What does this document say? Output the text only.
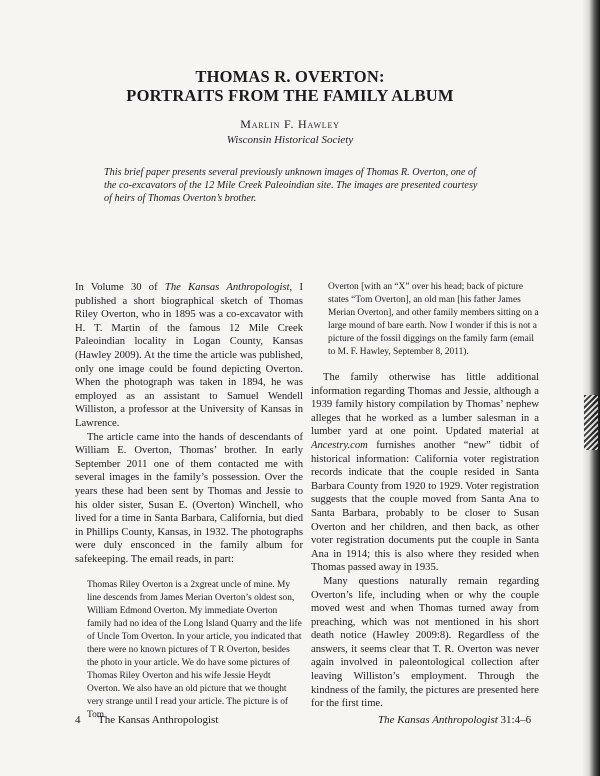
THOMAS R. OVERTON:
PORTRAITS FROM THE FAMILY ALBUM
Marlin F. Hawley
Wisconsin Historical Society
This brief paper presents several previously unknown images of Thomas R. Overton, one of the co-excavators of the 12 Mile Creek Paleoindian site. The images are presented courtesy of heirs of Thomas Overton’s brother.

In Volume 30 of The Kansas Anthropologist, I published a short biographical sketch of Thomas Riley Overton, who in 1895 was a co-excavator with H. T. Martin of the famous 12 Mile Creek Paleoindian locality in Logan County, Kansas (Hawley 2009). At the time the article was published, only one image could be found depicting Overton. When the photograph was taken in 1894, he was employed as an assistant to Samuel Wendell Williston, a professor at the University of Kansas in Lawrence.

The article came into the hands of descendants of William E. Overton, Thomas’ brother. In early September 2011 one of them contacted me with several images in the family’s possession. Over the years these had been sent by Thomas and Jessie to his older sister, Susan E. (Overton) Winchell, who lived for a time in Santa Barbara, California, but died in Phillips County, Kansas, in 1932. The photographs were duly ensconced in the family album for safekeeping. The email reads, in part:

Thomas Riley Overton is a 2xgreat uncle of mine. My line descends from James Merian Overton’s oldest son, William Edmond Overton. My immediate Overton family had no idea of the Long Island Quarry and the life of Uncle Tom Overton. In your article, you indicated that there were no known pictures of T R Overton, besides the photo in your article. We do have some pictures of Thomas Riley Overton and his wife Jessie Heydt Overton. We also have an old picture that we thought very strange until I read your article. The picture is of Tom
Overton [with an “X” over his head; back of picture states “Tom Overton], an old man [his father James Merian Overton], and other family members sitting on a large mound of bare earth. Now I wonder if this is not a picture of the fossil diggings on the family farm (email to M. F. Hawley, September 8, 2011).

The family otherwise has little additional information regarding Thomas and Jessie, although a 1939 family history compilation by Thomas’ nephew alleges that he worked as a lumber salesman in a lumber yard at one point. Updated material at Ancestry.com furnishes another “new” tidbit of historical information: California voter registration records indicate that the couple resided in Santa Barbara County from 1920 to 1929. Voter registration suggests that the couple moved from Santa Ana to Santa Barbara, probably to be closer to Susan Overton and her children, and then back, as other voter registration documents put the couple in Santa Ana in 1914; this is also where they resided when Thomas passed away in 1935.

Many questions naturally remain regarding Overton’s life, including when or why the couple moved west and when Thomas turned away from preaching, which was not mentioned in his short death notice (Hawley 2009:8). Regardless of the answers, it seems clear that T. R. Overton was never again involved in paleontological collection after leaving Williston’s employment. Through the kindness of the family, the pictures are presented here for the first time.

4 The Kansas Anthropologist	The Kansas Anthropologist 31:4–6
